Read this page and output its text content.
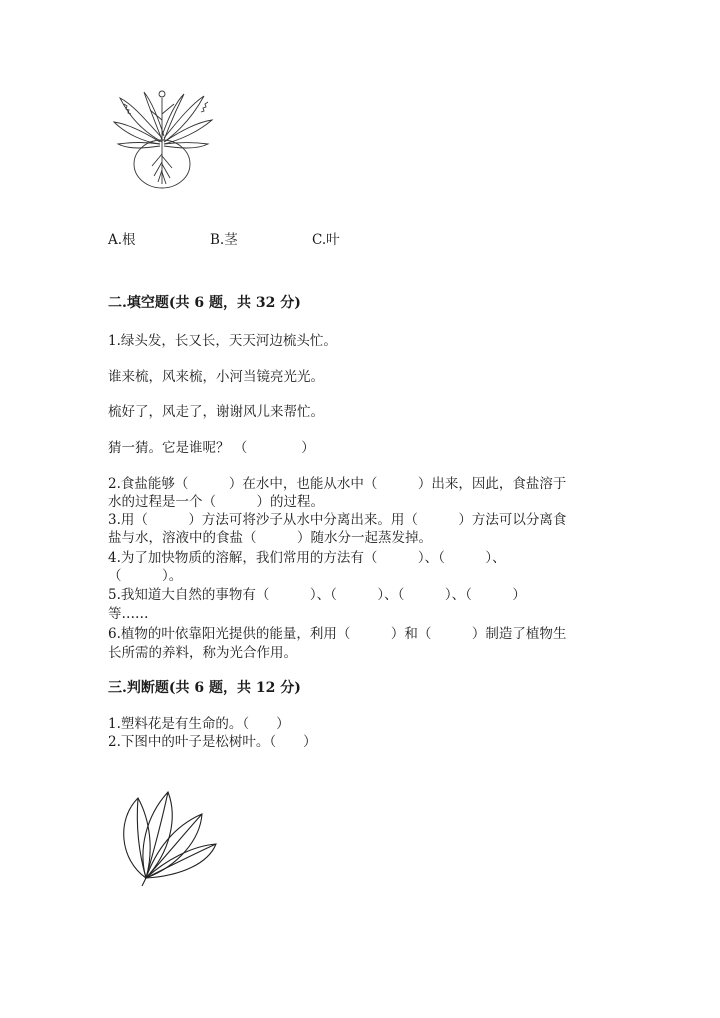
A.根	B.茎	C.叶
二.填空题(共 6 题，共 32 分)
1.绿头发，长又长，天天河边梳头忙。
谁来梳，风来梳，小河当镜亮光光。
梳好了，风走了，谢谢风儿来帮忙。
猜一猜。它是谁呢？ （　　　　）
2.食盐能够（　　　）在水中，也能从水中（　　　）出来，因此，食盐溶于
水的过程是一个（　　　）的过程。
3.用（　　　）方法可将沙子从水中分离出来。用（　　　）方法可以分离食
盐与水，溶液中的食盐（　　　）随水分一起蒸发掉。
4.为了加快物质的溶解，我们常用的方法有（　　　）、（　　　）、
（　　　）。
5.我知道大自然的事物有（　　　）、（　　　）、（　　　）、（　　　）
等……
6.植物的叶依靠阳光提供的能量，利用（　　　）和（　　　）制造了植物生
长所需的养料，称为光合作用。
三.判断题(共 6 题，共 12 分)
1.塑料花是有生命的。（　　）
2.下图中的叶子是松树叶。（　　）
